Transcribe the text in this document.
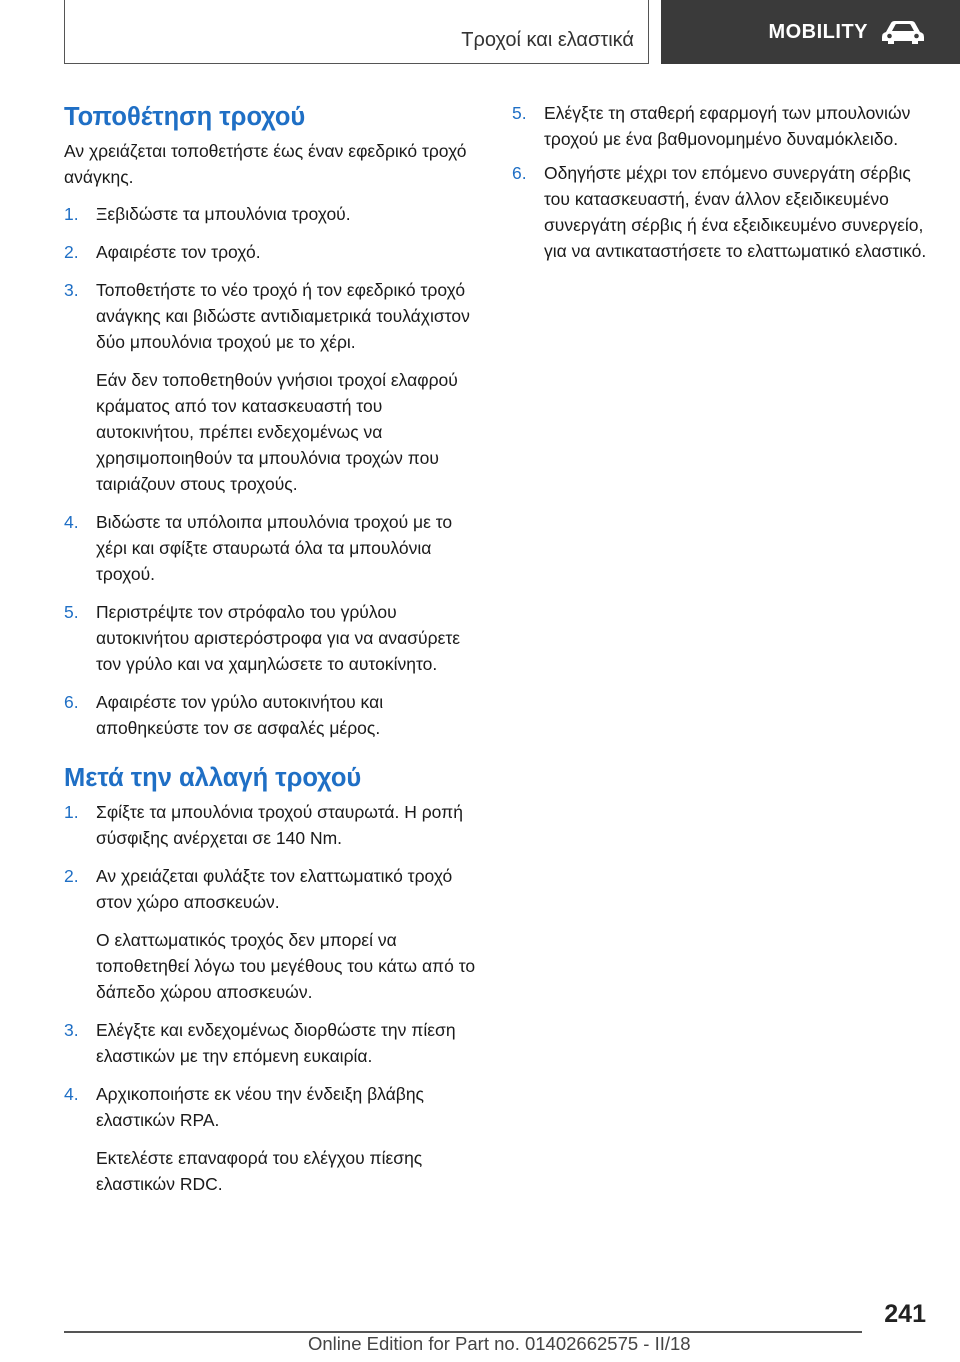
Τροχοί και ελαστικά	MOBILITY
Τοποθέτηση τροχού

Αν χρειάζεται τοποθετήστε έως έναν εφεδρικό τροχό ανάγκης.

1. Ξεβιδώστε τα μπουλόνια τροχού.

2. Αφαιρέστε τον τροχό.

3. Τοποθετήστε το νέο τροχό ή τον εφεδρικό τροχό ανάγκης και βιδώστε αντιδιαμετρικά τουλάχιστον δύο μπουλόνια τροχού με το χέρι.

Εάν δεν τοποθετηθούν γνήσιοι τροχοί ελαφρού κράματος από τον κατασκευαστή του αυτοκινήτου, πρέπει ενδεχομένως να χρησιμοποιηθούν τα μπουλόνια τροχών που ταιριάζουν στους τροχούς.

4. Βιδώστε τα υπόλοιπα μπουλόνια τροχού με το χέρι και σφίξτε σταυρωτά όλα τα μπουλόνια τροχού.

5. Περιστρέψτε τον στρόφαλο του γρύλου αυτοκινήτου αριστερόστροφα για να ανασύρετε τον γρύλο και να χαμηλώσετε το αυτοκίνητο.

6. Αφαιρέστε τον γρύλο αυτοκινήτου και αποθηκεύστε τον σε ασφαλές μέρος.

Μετά την αλλαγή τροχού
1. Σφίξτε τα μπουλόνια τροχού σταυρωτά. Η ροπή σύσφιξης ανέρχεται σε 140 Nm.

2. Αν χρειάζεται φυλάξτε τον ελαττωματικό τροχό στον χώρο αποσκευών.

Ο ελαττωματικός τροχός δεν μπορεί να τοποθετηθεί λόγω του μεγέθους του κάτω από το δάπεδο χώρου αποσκευών.

3. Ελέγξτε και ενδεχομένως διορθώστε την πίεση ελαστικών με την επόμενη ευκαιρία.

4. Αρχικοποιήστε εκ νέου την ένδειξη βλάβης ελαστικών RPA.

Εκτελέστε επαναφορά του ελέγχου πίεσης ελαστικών RDC.

5. Ελέγξτε τη σταθερή εφαρμογή των μπουλονιών τροχού με ένα βαθμονομημένο δυναμόκλειδο.

6. Οδηγήστε μέχρι τον επόμενο συνεργάτη σέρβις του κατασκευαστή, έναν άλλον εξειδικευμένο συνεργάτη σέρβις ή ένα εξειδικευμένο συνεργείο, για να αντικαταστήσετε το ελαττωματικό ελαστικό.

241
Online Edition for Part no. 01402662575 - II/18
